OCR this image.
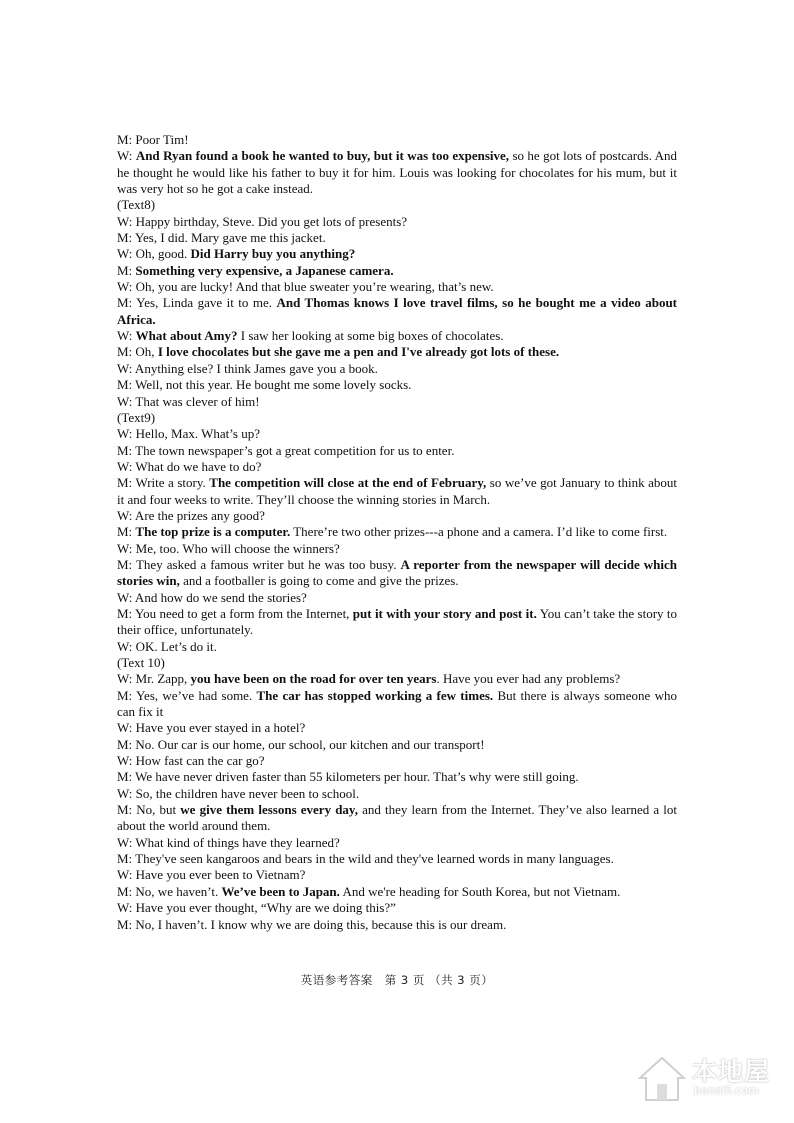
M: Poor Tim!
W: And Ryan found a book he wanted to buy, but it was too expensive, so he got lots of postcards. And he thought he would like his father to buy it for him. Louis was looking for chocolates for his mum, but it was very hot so he got a cake instead.
(Text8)
W: Happy birthday, Steve. Did you get lots of presents?
M: Yes, I did. Mary gave me this jacket.
W: Oh, good. Did Harry buy you anything?
M: Something very expensive, a Japanese camera.
W: Oh, you are lucky! And that blue sweater you’re wearing, that’s new.
M: Yes, Linda gave it to me. And Thomas knows I love travel films, so he bought me a video about Africa.
W: What about Amy? I saw her looking at some big boxes of chocolates.
M: Oh, I love chocolates but she gave me a pen and I've already got lots of these.
W: Anything else? I think James gave you a book.
M: Well, not this year. He bought me some lovely socks.
W: That was clever of him!
(Text9)
W: Hello, Max. What’s up?
M: The town newspaper’s got a great competition for us to enter.
W: What do we have to do?
M: Write a story. The competition will close at the end of February, so we’ve got January to think about it and four weeks to write. They’ll choose the winning stories in March.
W: Are the prizes any good?
M: The top prize is a computer. There’re two other prizes---a phone and a camera. I’d like to come first.
W: Me, too. Who will choose the winners?
M: They asked a famous writer but he was too busy. A reporter from the newspaper will decide which stories win, and a footballer is going to come and give the prizes.
W: And how do we send the stories?
M: You need to get a form from the Internet, put it with your story and post it. You can’t take the story to their office, unfortunately.
W: OK. Let’s do it.
(Text 10)
W: Mr. Zapp, you have been on the road for over ten years. Have you ever had any problems?
M: Yes, we’ve had some. The car has stopped working a few times. But there is always someone who can fix it
W: Have you ever stayed in a hotel?
M: No. Our car is our home, our school, our kitchen and our transport!
W: How fast can the car go?
M: We have never driven faster than 55 kilometers per hour. That’s why were still going.
W: So, the children have never been to school.
M: No, but we give them lessons every day, and they learn from the Internet. They’ve also learned a lot about the world around them.
W: What kind of things have they learned?
M: They've seen kangaroos and bears in the wild and they've learned words in many languages.
W: Have you ever been to Vietnam?
M: No, we haven’t. We’ve been to Japan. And we're heading for South Korea, but not Vietnam.
W: Have you ever thought, “Why are we doing this?”
M: No, I haven’t. I know why we are doing this, because this is our dream.
英语参考答案　第 3 页 （共 3 页）
本地屋
bendi5.com
